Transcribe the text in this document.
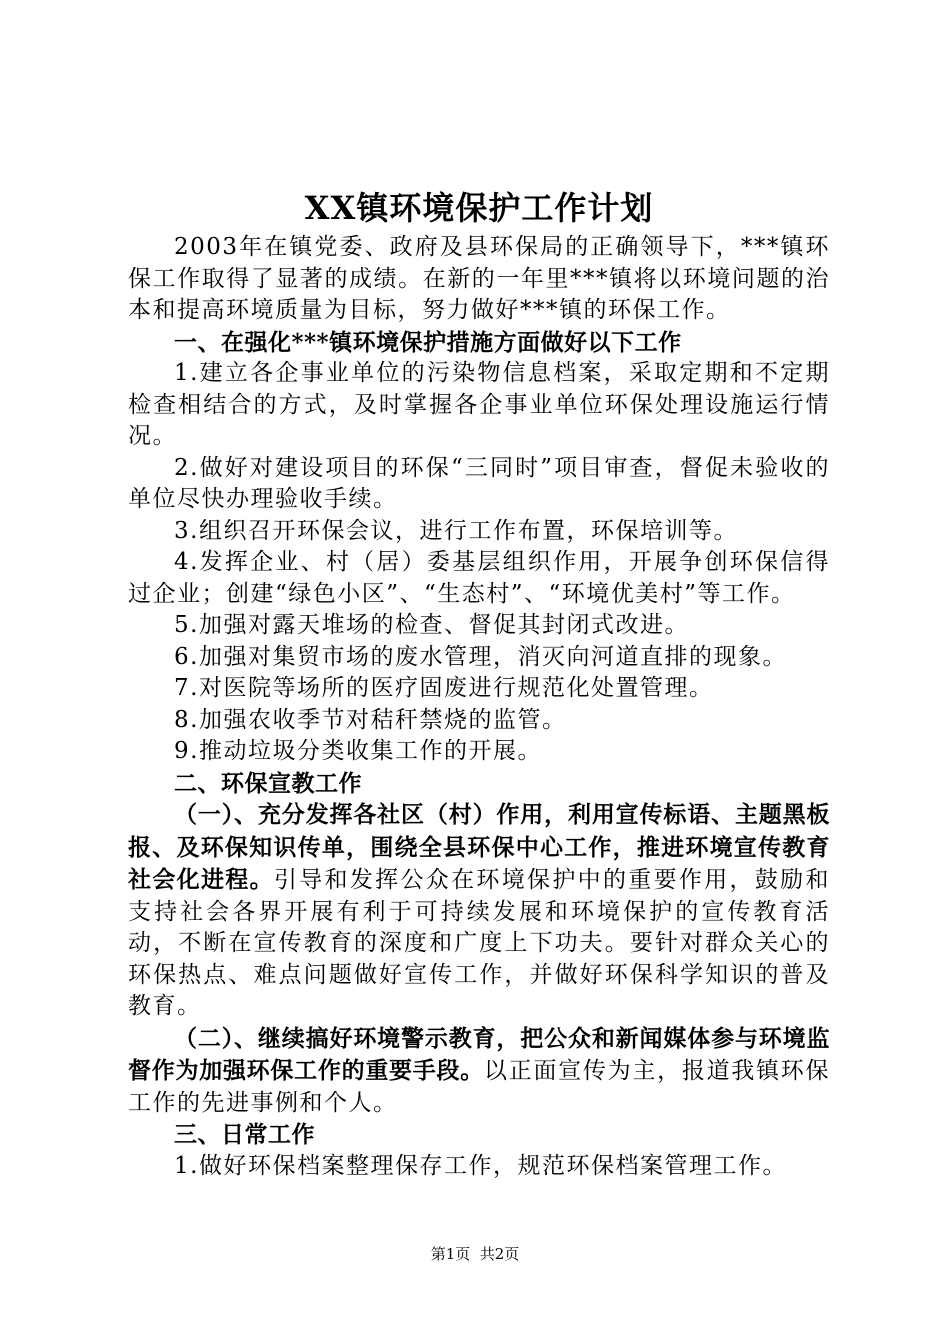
XX镇环境保护工作计划

2003年在镇党委、政府及县环保局的正确领导下，***镇环保工作取得了显著的成绩。在新的一年里***镇将以环境问题的治本和提高环境质量为目标，努力做好***镇的环保工作。

一、在强化***镇环境保护措施方面做好以下工作

1.建立各企事业单位的污染物信息档案，采取定期和不定期检查相结合的方式，及时掌握各企事业单位环保处理设施运行情况。

2.做好对建设项目的环保“三同时”项目审查，督促未验收的单位尽快办理验收手续。

3.组织召开环保会议，进行工作布置，环保培训等。

4.发挥企业、村（居）委基层组织作用，开展争创环保信得过企业；创建“绿色小区”、“生态村”、“环境优美村”等工作。

5.加强对露天堆场的检查、督促其封闭式改进。

6.加强对集贸市场的废水管理，消灭向河道直排的现象。

7.对医院等场所的医疗固废进行规范化处置管理。

8.加强农收季节对秸秆禁烧的监管。

9.推动垃圾分类收集工作的开展。

二、环保宣教工作

（一）、充分发挥各社区（村）作用，利用宣传标语、主题黑板报、及环保知识传单，围绕全县环保中心工作，推进环境宣传教育社会化进程。引导和发挥公众在环境保护中的重要作用，鼓励和支持社会各界开展有利于可持续发展和环境保护的宣传教育活动，不断在宣传教育的深度和广度上下功夫。要针对群众关心的环保热点、难点问题做好宣传工作，并做好环保科学知识的普及教育。

（二）、继续搞好环境警示教育，把公众和新闻媒体参与环境监督作为加强环保工作的重要手段。以正面宣传为主，报道我镇环保工作的先进事例和个人。

三、日常工作

1.做好环保档案整理保存工作，规范环保档案管理工作。

第1页  共2页
